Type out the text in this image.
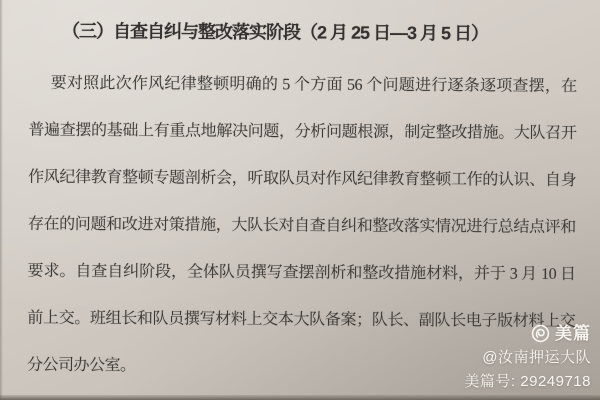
（三）自查自纠与整改落实阶段（2 月 25 日—3 月 5 日）
要对照此次作风纪律整顿明确的 5 个方面 56 个问题进行逐条逐项查摆，在
普遍查摆的基础上有重点地解决问题，分析问题根源，制定整改措施。大队召开
作风纪律教育整顿专题剖析会，听取队员对作风纪律教育整顿工作的认识、自身
存在的问题和改进对策措施，大队长对自查自纠和整改落实情况进行总结点评和
要求。自查自纠阶段，全体队员撰写查摆剖析和整改措施材料，并于 3 月 10 日
前上交。班组长和队员撰写材料上交本大队备案；队长、副队长电子版材料上交
分公司办公室。
美篇
@汝南押运大队
美篇号: 29249718
